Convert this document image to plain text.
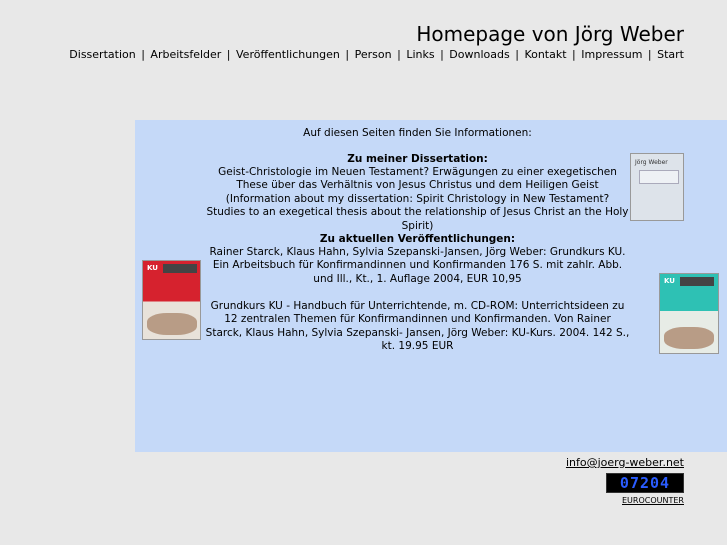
Homepage von Jörg Weber
Dissertation | Arbeitsfelder | Veröffentlichungen | Person | Links | Downloads | Kontakt | Impressum | Start

Auf diesen Seiten finden Sie Informationen:

Zu meiner Dissertation:

Geist-Christologie im Neuen Testament? Erwägungen zu einer exegetischen These über das Verhältnis von Jesus Christus und dem Heiligen Geist (Information about my dissertation: Spirit Christology in New Testament? Studies to an exegetical thesis about the relationship of Jesus Christ an the Holy Spirit)

Zu aktuellen Veröffentlichungen:

Rainer Starck, Klaus Hahn, Sylvia Szepanski-Jansen, Jörg Weber: Grundkurs KU. Ein Arbeitsbuch für Konfirmandinnen und Konfirmanden 176 S. mit zahlr. Abb. und Ill., Kt., 1. Auflage 2004, EUR 10,95

Grundkurs KU - Handbuch für Unterrichtende, m. CD-ROM: Unterrichtsideen zu 12 zentralen Themen für Konfirmandinnen und Konfirmanden. Von Rainer Starck, Klaus Hahn, Sylvia Szepanski- Jansen, Jörg Weber: KU-Kurs. 2004. 142 S., kt. 19.95 EUR

KU
Jörg Weber
KU
info@joerg-weber.net
07204
EUROCOUNTER
